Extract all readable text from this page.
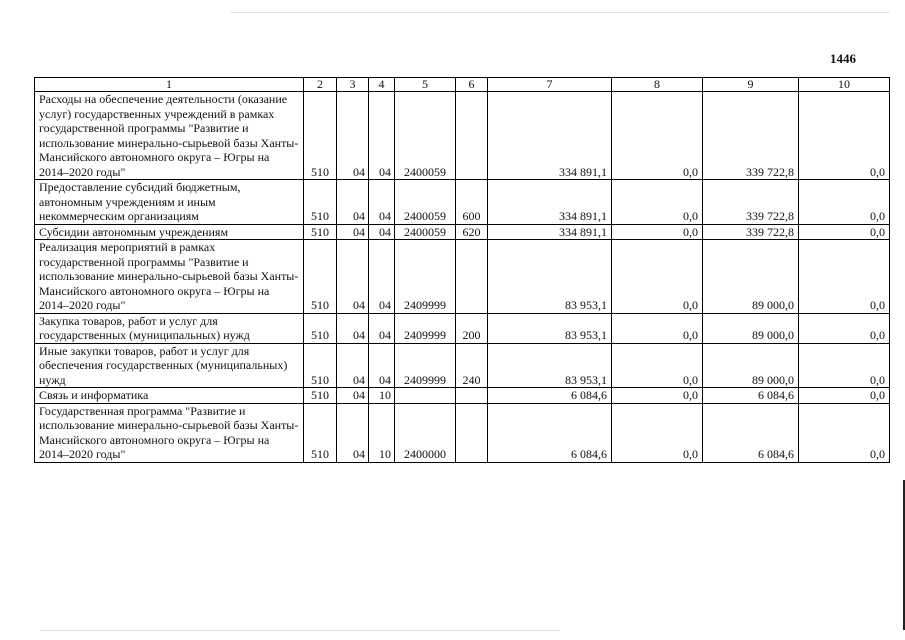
1446
1	2	3	4	5	6	7	8	9	10
Расходы на обеспечение деятельности (оказание услуг) государственных учреждений в рамках государственной программы "Развитие и использование минерально-сырьевой базы Ханты-Мансийского автономного округа – Югры на 2014–2020 годы"	510	04	04	2400059		334 891,1	0,0	339 722,8	0,0
Предоставление субсидий бюджетным, автономным учреждениям и иным некоммерческим организациям	510	04	04	2400059	600	334 891,1	0,0	339 722,8	0,0
Субсидии автономным учреждениям	510	04	04	2400059	620	334 891,1	0,0	339 722,8	0,0
Реализация мероприятий в рамках государственной программы "Развитие и использование минерально-сырьевой базы Ханты-Мансийского автономного округа – Югры на 2014–2020 годы"	510	04	04	2409999		83 953,1	0,0	89 000,0	0,0
Закупка товаров, работ и услуг для государственных (муниципальных) нужд	510	04	04	2409999	200	83 953,1	0,0	89 000,0	0,0
Иные закупки товаров, работ и услуг для обеспечения государственных (муниципальных) нужд	510	04	04	2409999	240	83 953,1	0,0	89 000,0	0,0
Связь и информатика	510	04	10			6 084,6	0,0	6 084,6	0,0
Государственная программа "Развитие и использование минерально-сырьевой базы Ханты-Мансийского автономного округа – Югры на 2014–2020 годы"	510	04	10	2400000		6 084,6	0,0	6 084,6	0,0
